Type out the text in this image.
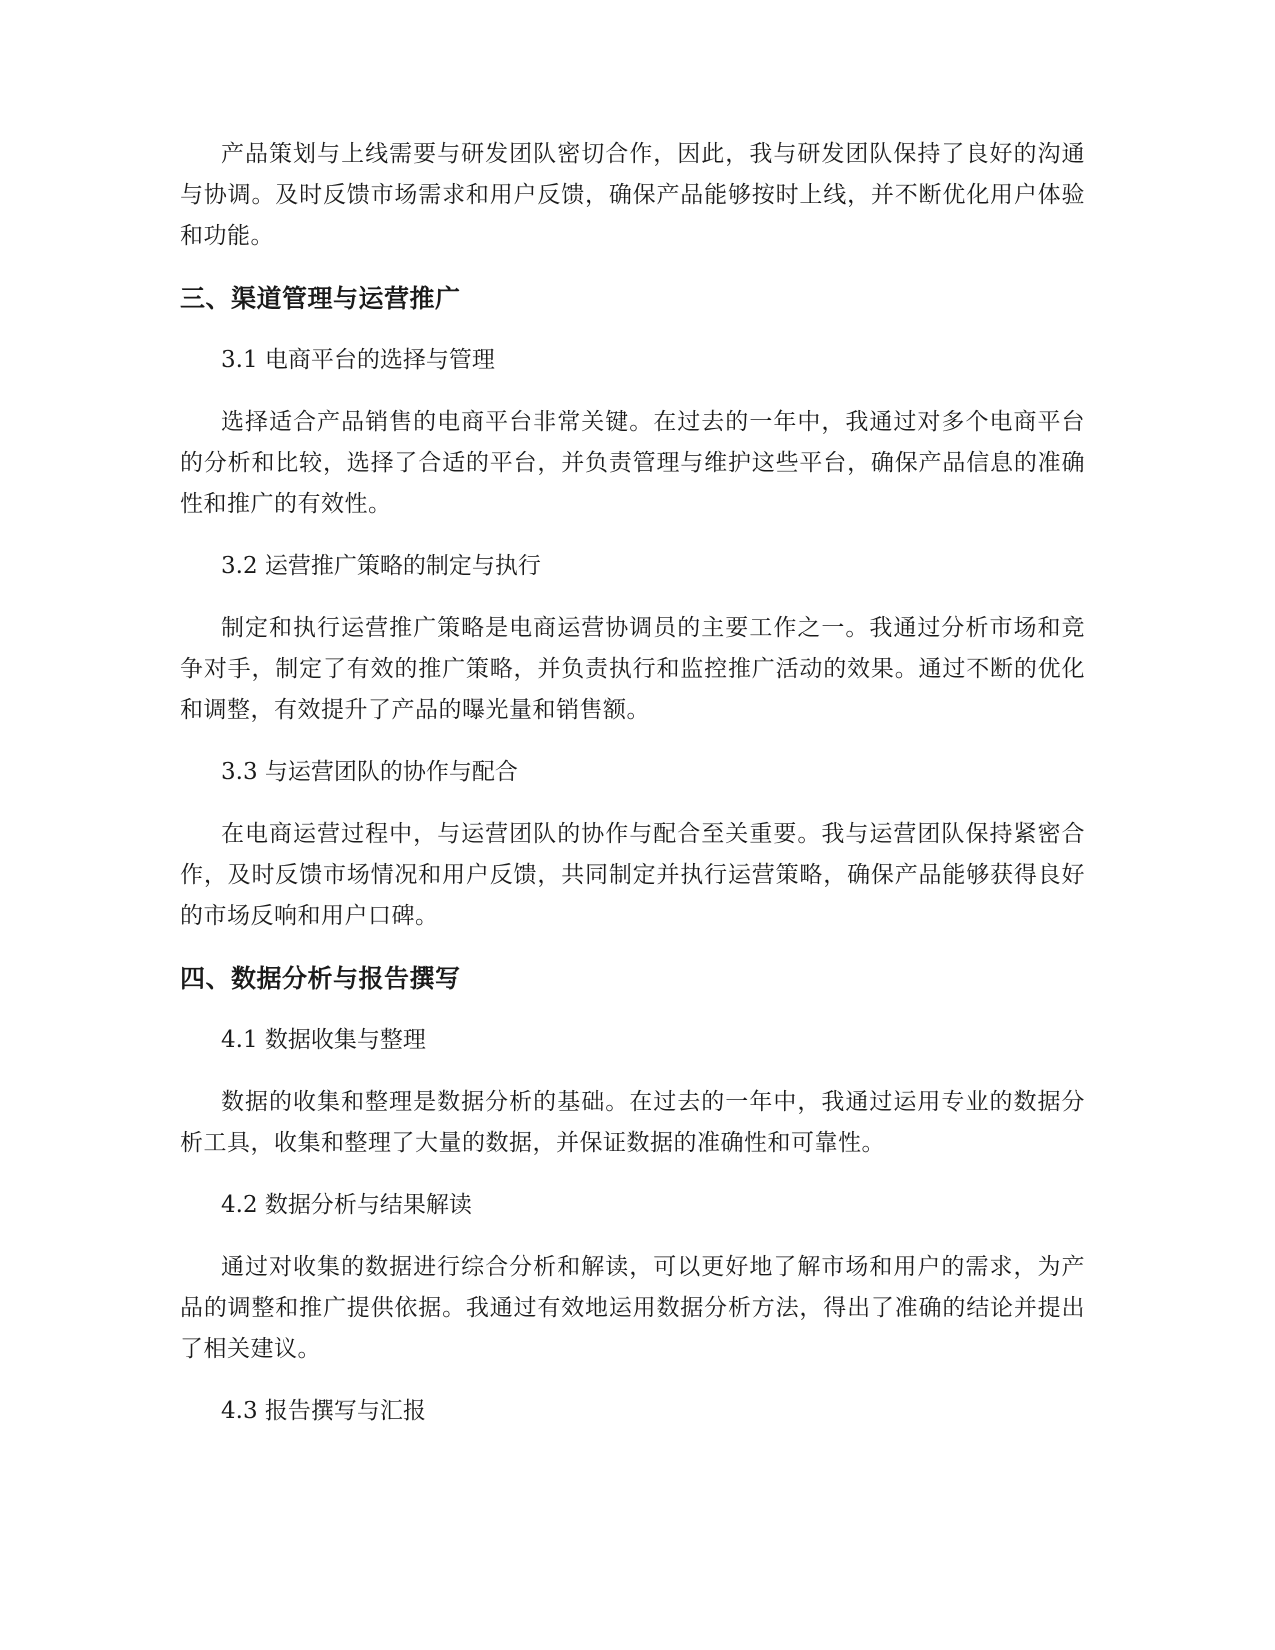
产品策划与上线需要与研发团队密切合作，因此，我与研发团队保持了良好的沟通与协调。及时反馈市场需求和用户反馈，确保产品能够按时上线，并不断优化用户体验和功能。

三、渠道管理与运营推广

3.1 电商平台的选择与管理

选择适合产品销售的电商平台非常关键。在过去的一年中，我通过对多个电商平台的分析和比较，选择了合适的平台，并负责管理与维护这些平台，确保产品信息的准确性和推广的有效性。

3.2 运营推广策略的制定与执行

制定和执行运营推广策略是电商运营协调员的主要工作之一。我通过分析市场和竞争对手，制定了有效的推广策略，并负责执行和监控推广活动的效果。通过不断的优化和调整，有效提升了产品的曝光量和销售额。

3.3 与运营团队的协作与配合

在电商运营过程中，与运营团队的协作与配合至关重要。我与运营团队保持紧密合作，及时反馈市场情况和用户反馈，共同制定并执行运营策略，确保产品能够获得良好的市场反响和用户口碑。

四、数据分析与报告撰写

4.1 数据收集与整理

数据的收集和整理是数据分析的基础。在过去的一年中，我通过运用专业的数据分析工具，收集和整理了大量的数据，并保证数据的准确性和可靠性。

4.2 数据分析与结果解读

通过对收集的数据进行综合分析和解读，可以更好地了解市场和用户的需求，为产品的调整和推广提供依据。我通过有效地运用数据分析方法，得出了准确的结论并提出了相关建议。

4.3 报告撰写与汇报
